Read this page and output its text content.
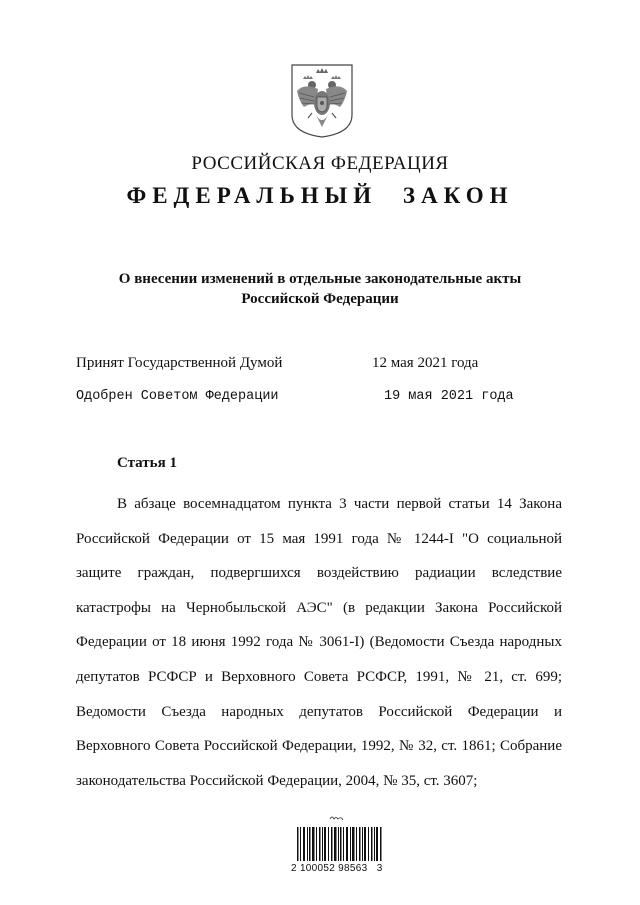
РОССИЙСКАЯ ФЕДЕРАЦИЯ
ФЕДЕРАЛЬНЫЙ ЗАКОН
О внесении изменений в отдельные законодательные акты
Российской Федерации
Принят Государственной Думой	12 мая 2021 года
Одобрен Советом Федерации	19 мая 2021 года
Статья 1

В абзаце восемнадцатом пункта 3 части первой статьи 14 Закона Российской Федерации от 15 мая 1991 года № 1244-I "О социальной защите граждан, подвергшихся воздействию радиации вследствие катастрофы на Чернобыльской АЭС" (в редакции Закона Российской Федерации от 18 июня 1992 года № 3061-I) (Ведомости Съезда народных депутатов РСФСР и Верховного Совета РСФСР, 1991, № 21, ст. 699; Ведомости Съезда народных депутатов Российской Федерации и Верховного Совета Российской Федерации, 1992, № 32, ст. 1861; Собрание законодательства Российской Федерации, 2004, № 35, ст. 3607;

2 100052 98563   3
